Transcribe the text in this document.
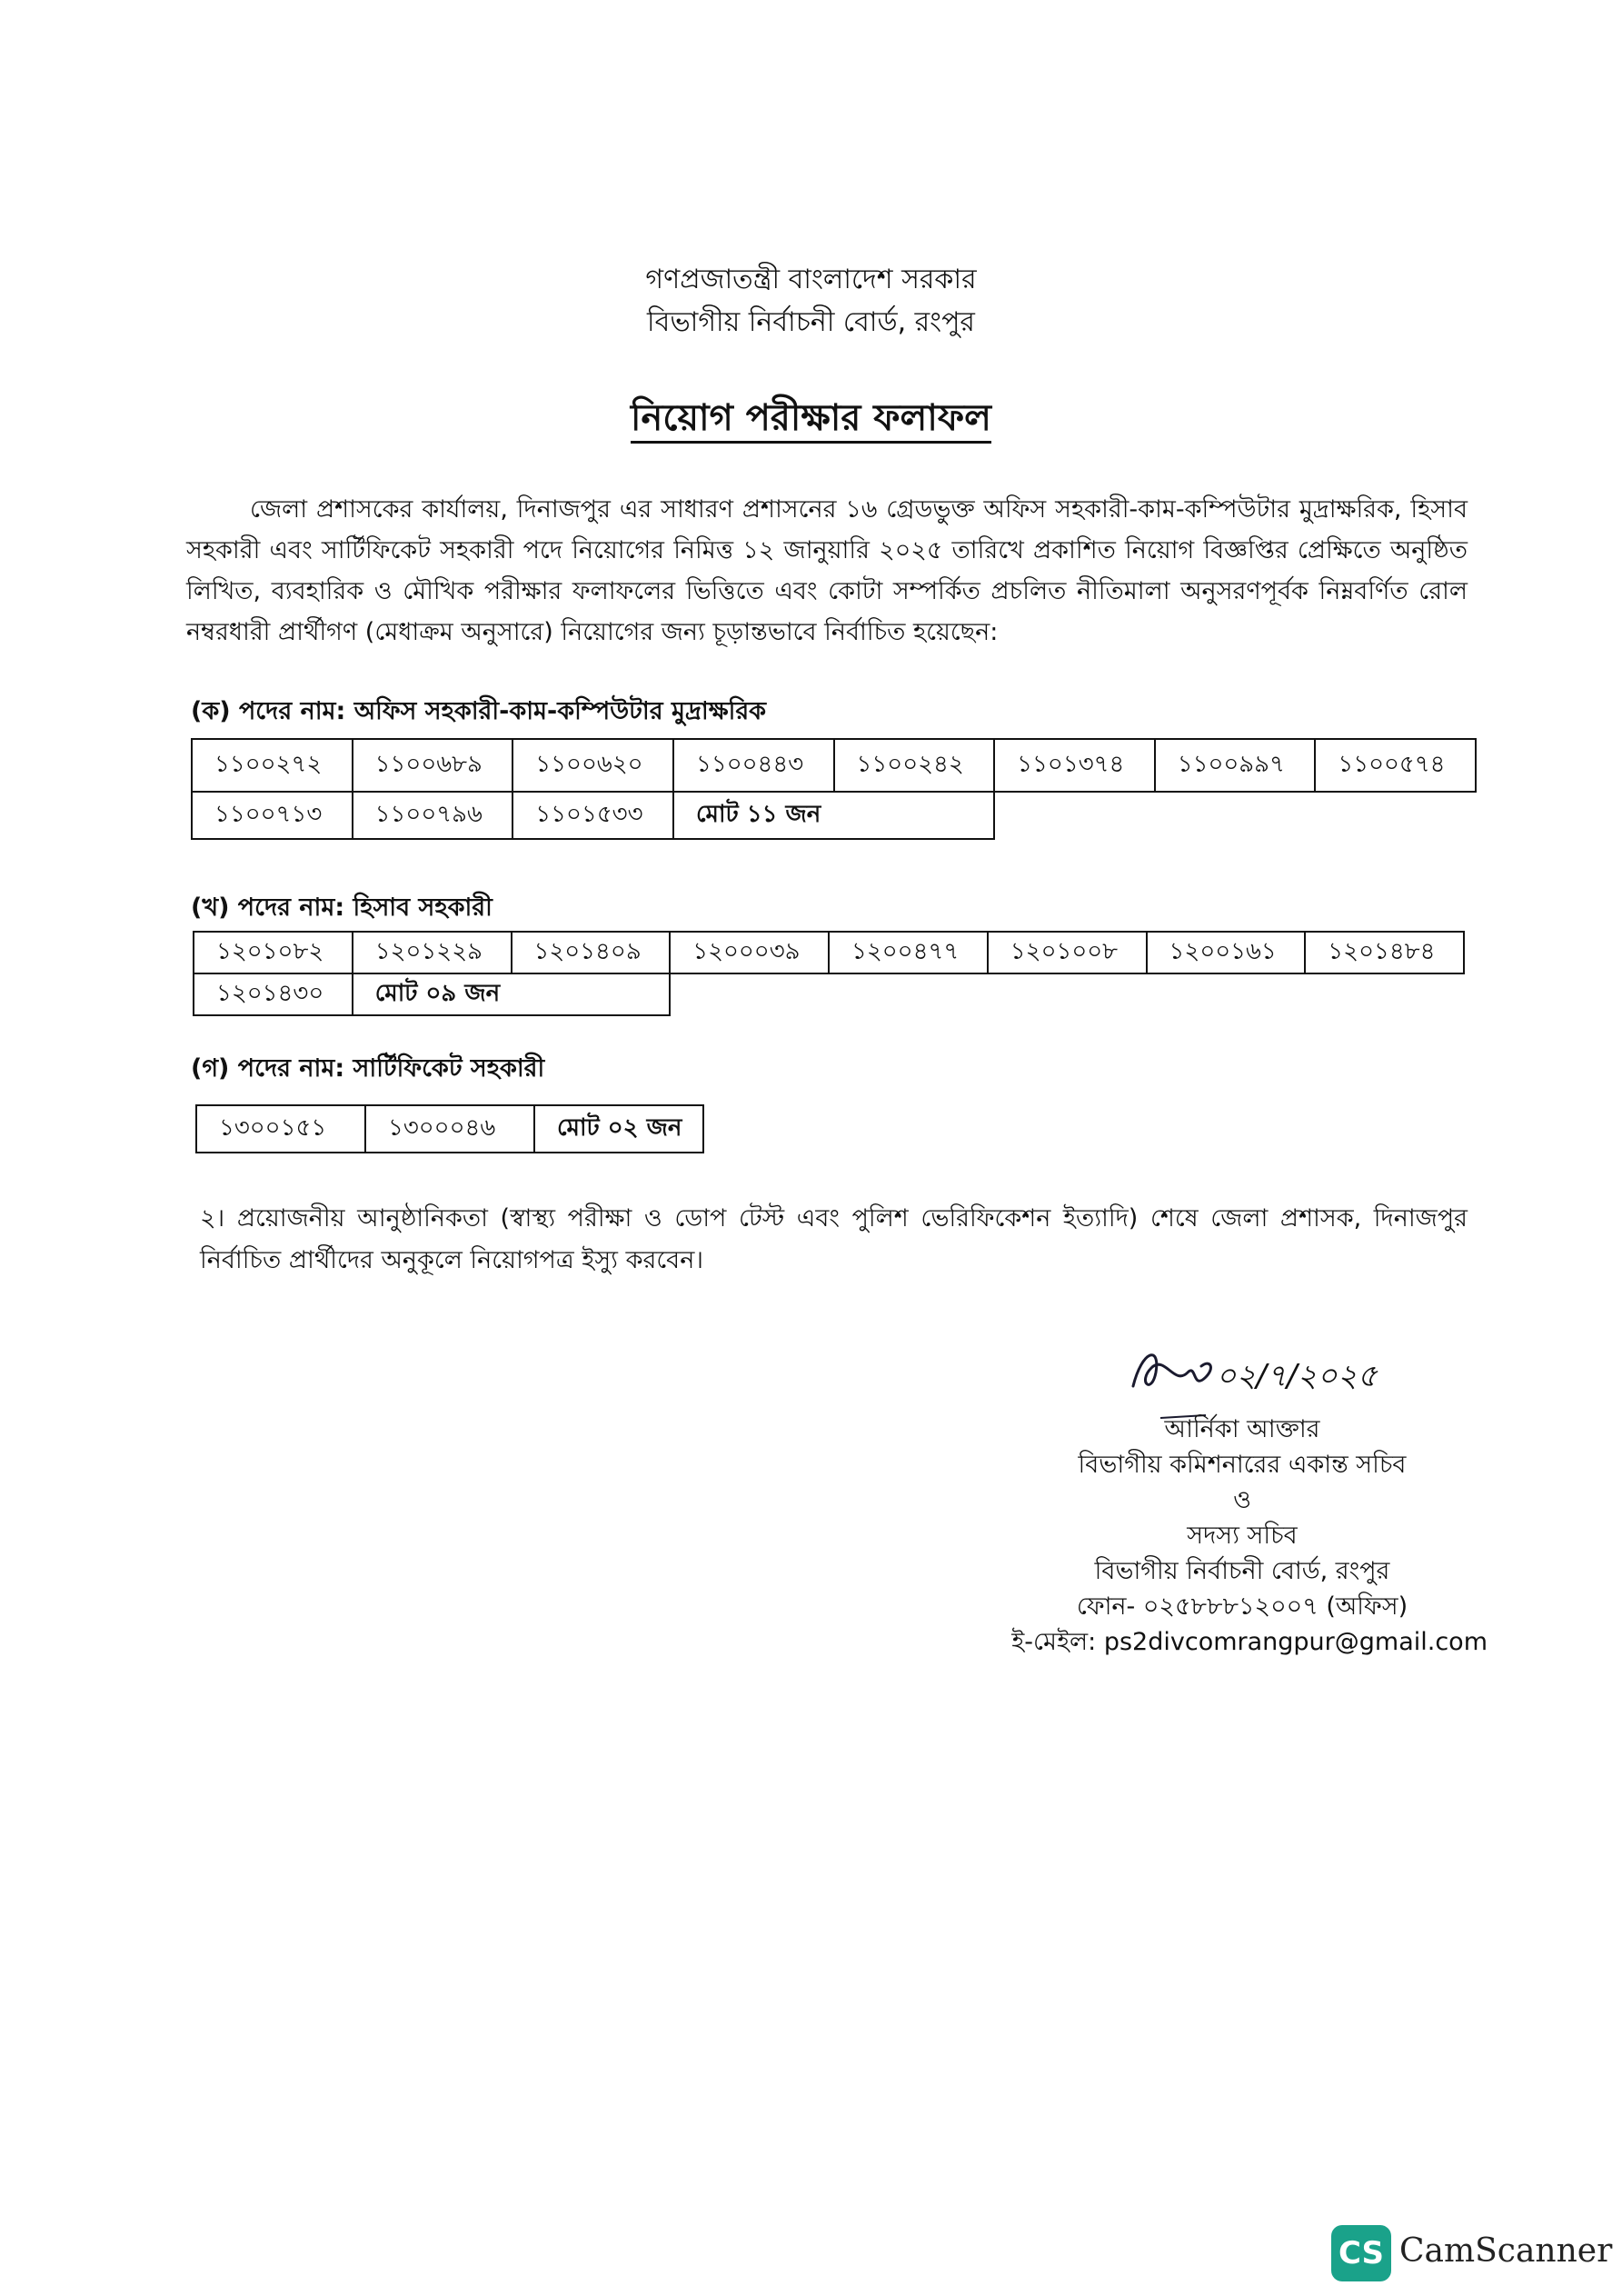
গণপ্রজাতন্ত্রী বাংলাদেশ সরকার
বিভাগীয় নির্বাচনী বোর্ড, রংপুর
নিয়োগ পরীক্ষার ফলাফল
জেলা প্রশাসকের কার্যালয়, দিনাজপুর এর সাধারণ প্রশাসনের ১৬ গ্রেডভুক্ত অফিস সহকারী-কাম-কম্পিউটার মুদ্রাক্ষরিক, হিসাব সহকারী এবং সার্টিফিকেট সহকারী পদে নিয়োগের নিমিত্ত ১২ জানুয়ারি ২০২৫ তারিখে প্রকাশিত নিয়োগ বিজ্ঞপ্তির প্রেক্ষিতে অনুষ্ঠিত লিখিত, ব্যবহারিক ও মৌখিক পরীক্ষার ফলাফলের ভিত্তিতে এবং কোটা সম্পর্কিত প্রচলিত নীতিমালা অনুসরণপূর্বক নিম্নবর্ণিত রোল নম্বরধারী প্রার্থীগণ (মেধাক্রম অনুসারে) নিয়োগের জন্য চূড়ান্তভাবে নির্বাচিত হয়েছেন:
(ক) পদের নাম: অফিস সহকারী-কাম-কম্পিউটার মুদ্রাক্ষরিক
১১০০২৭২	১১০০৬৮৯	১১০০৬২০	১১০০৪৪৩	১১০০২৪২	১১০১৩৭৪	১১০০৯৯৭	১১০০৫৭৪
১১০০৭১৩	১১০০৭৯৬	১১০১৫৩৩	মোট ১১ জন				
(খ) পদের নাম: হিসাব সহকারী
১২০১০৮২	১২০১২২৯	১২০১৪০৯	১২০০০৩৯	১২০০৪৭৭	১২০১০০৮	১২০০১৬১	১২০১৪৮৪
১২০১৪৩০	মোট ০৯ জন						
(গ) পদের নাম: সার্টিফিকেট সহকারী
১৩০০১৫১	১৩০০০৪৬	মোট ০২ জন
২। প্রয়োজনীয় আনুষ্ঠানিকতা (স্বাস্থ্য পরীক্ষা ও ডোপ টেস্ট এবং পুলিশ ভেরিফিকেশন ইত্যাদি) শেষে জেলা প্রশাসক, দিনাজপুর নির্বাচিত প্রার্থীদের অনুকূলে নিয়োগপত্র ইস্যু করবেন।
০২/৭/২০২৫
আর্নিকা আক্তার
বিভাগীয় কমিশনারের একান্ত সচিব
ও
সদস্য সচিব
বিভাগীয় নির্বাচনী বোর্ড, রংপুর
ফোন- ০২৫৮৮৮১২০০৭ (অফিস)
ই-মেইল: ps2divcomrangpur@gmail.com
CS CamScanner
